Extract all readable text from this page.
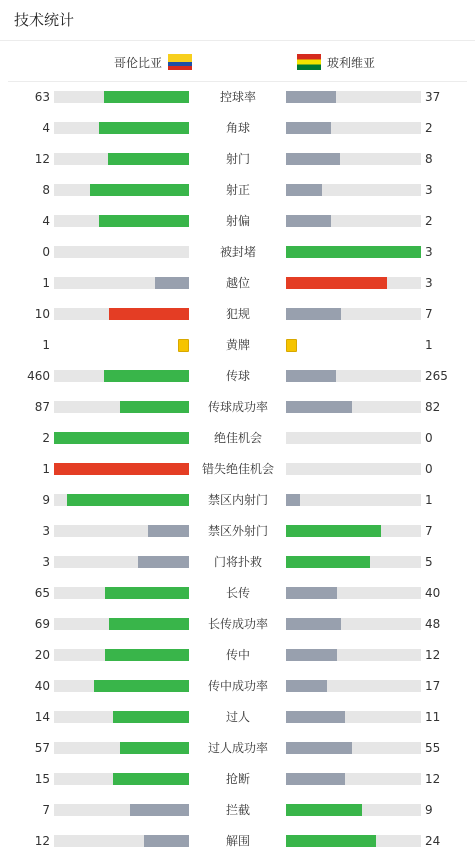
技术统计
哥伦比亚	玻利维亚
63	控球率	37
4	角球	2
12	射门	8
8	射正	3
4	射偏	2
0	被封堵	3
1	越位	3
10	犯规	7
1	黄牌	1
460	传球	265
87	传球成功率	82
2	绝佳机会	0
1	错失绝佳机会	0
9	禁区内射门	1
3	禁区外射门	7
3	门将扑救	5
65	长传	40
69	长传成功率	48
20	传中	12
40	传中成功率	17
14	过人	11
57	过人成功率	55
15	抢断	12
7	拦截	9
12	解围	24
